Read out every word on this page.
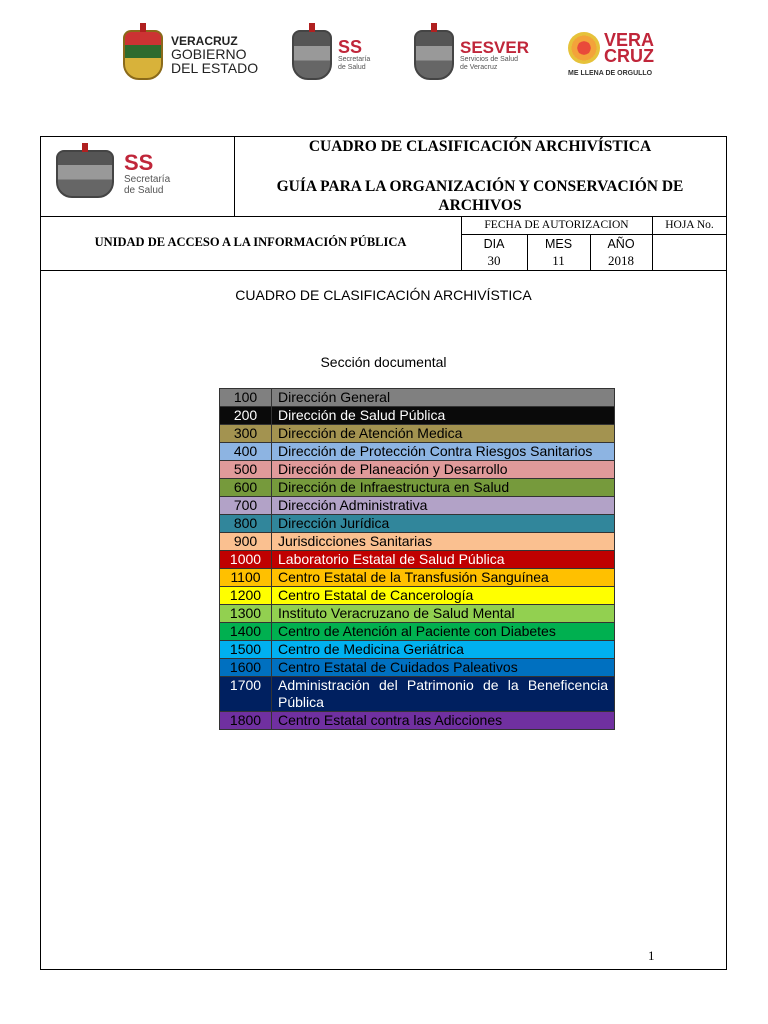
VERACRUZ
GOBIERNO
DEL ESTADO
SS
Secretaría
de Salud
SESVER
Servicios de Salud
de Veracruz
VERA
CRUZ
ME LLENA DE ORGULLO
SS
Secretaría
de Salud
CUADRO DE CLASIFICACIÓN ARCHIVÍSTICA
GUÍA PARA LA ORGANIZACIÓN Y CONSERVACIÓN DE ARCHIVOS
UNIDAD DE ACCESO A LA INFORMACIÓN PÚBLICA
FECHA DE AUTORIZACION	HOJA No.
DIA	MES	AÑO
30	11	2018
CUADRO DE CLASIFICACIÓN ARCHIVÍSTICA
Sección documental
100	Dirección General
200	Dirección de Salud Pública
300	Dirección de Atención Medica
400	Dirección de Protección Contra Riesgos Sanitarios
500	Dirección de Planeación y Desarrollo
600	Dirección de Infraestructura en Salud
700	Dirección Administrativa
800	Dirección Jurídica
900	Jurisdicciones Sanitarias
1000	Laboratorio Estatal de Salud Pública
1100	Centro Estatal de la Transfusión Sanguínea
1200	Centro Estatal de Cancerología
1300	Instituto Veracruzano de Salud Mental
1400	Centro de Atención al Paciente con Diabetes
1500	Centro de Medicina Geriátrica
1600	Centro Estatal de Cuidados Paleativos
1700	Administración del Patrimonio de la Beneficencia Pública
1800	Centro Estatal contra las Adicciones
1
